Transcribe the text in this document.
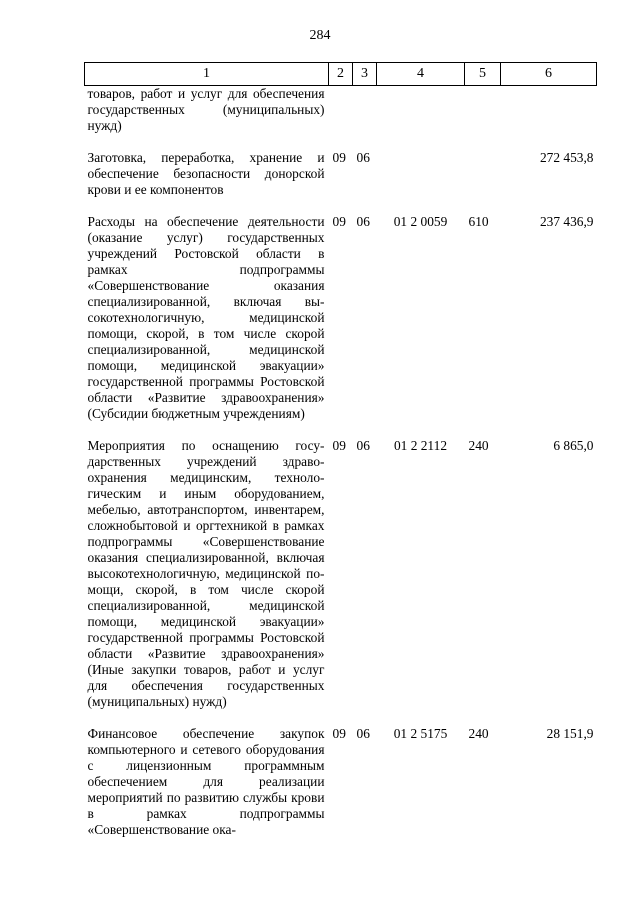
284
1	2	3	4	5	6
товаров, работ и услуг для обеспечения государственных (муниципальных) нужд)					
Заготовка, переработка, хранение и обеспечение безопасности донорской крови и ее компонентов	09	06			272 453,8
Расходы на обеспечение деятельности (оказание услуг) государственных учреждений Ростовской области в рамках подпрограммы «Совершенствование оказания специализированной, включая высокотехнологичную, медицинской помощи, скорой, в том числе скорой специализированной, медицинской помощи, медицинской эвакуации» государственной программы Ростовской области «Развитие здравоохранения» (Субсидии бюджетным учреждениям)	09	06	01 2 0059	610	237 436,9
Мероприятия по оснащению государственных учреждений здравоохранения медицинским, технологическим и иным оборудованием, мебелью, автотранспортом, инвентарем, сложнобытовой и оргтехникой в рамках подпрограммы «Совершенствование оказания специализированной, включая высокотехнологичную, медицинской помощи, скорой, в том числе скорой специализированной, медицинской помощи, медицинской эвакуации» государственной программы Ростовской области «Развитие здравоохранения» (Иные закупки товаров, работ и услуг для обеспечения государственных (муниципальных) нужд)	09	06	01 2 2112	240	6 865,0
Финансовое обеспечение закупок компьютерного и сетевого оборудования с лицензионным программным обеспечением для реализации мероприятий по развитию службы крови в рамках подпрограммы «Совершенствование ока-	09	06	01 2 5175	240	28 151,9
